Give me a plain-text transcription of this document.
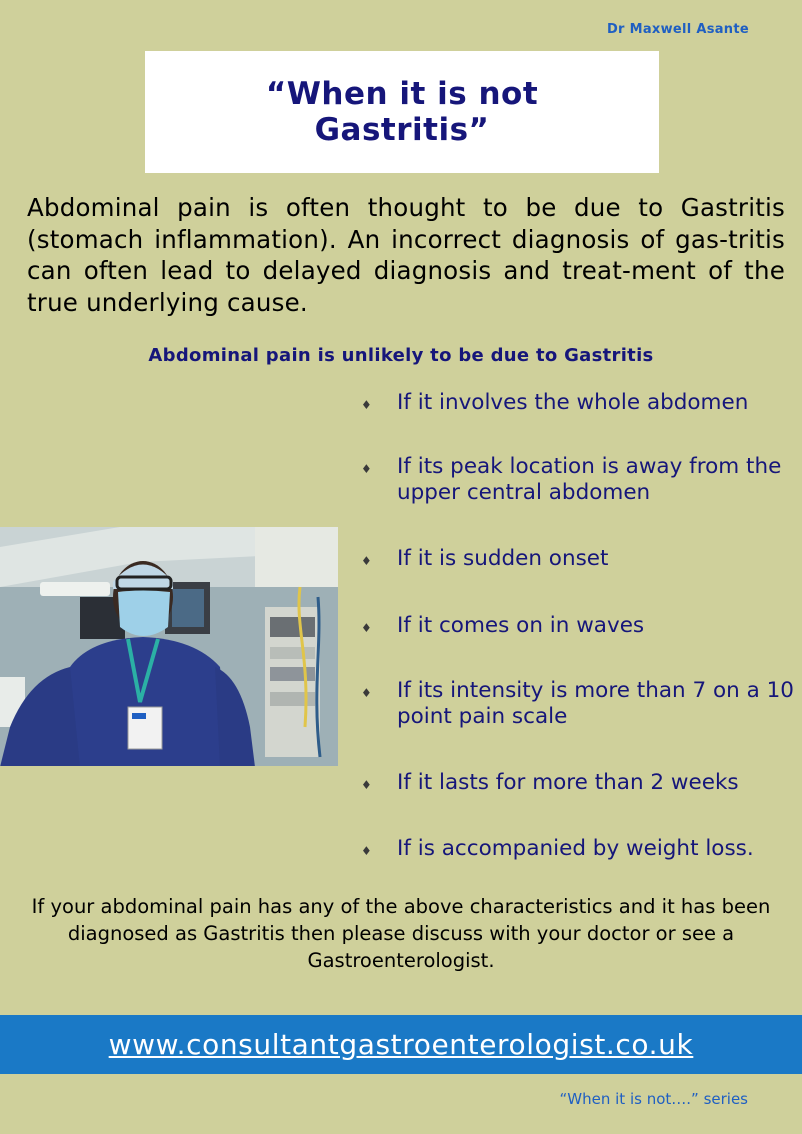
Dr Maxwell Asante
“When it is not Gastritis”

Abdominal pain is often thought to be due to Gastritis (stomach inflammation). An incorrect diagnosis of gas-tritis can often lead to delayed diagnosis and treat-ment of the true underlying cause.

Abdominal pain is unlikely to be due to Gastritis
♦ If it involves the whole abdomen
♦ If its peak location is away from the upper central abdomen
♦ If it is sudden onset
♦ If it comes on in waves
♦ If its intensity is more than 7 on a 10 point pain scale
♦ If it lasts for more than 2 weeks
♦ If is accompanied by weight loss.

If your abdominal pain has any of the above characteristics and it has been diagnosed as Gastritis then please discuss with your doctor or see a Gastroenterologist.

www.consultantgastroenterologist.co.uk
“When it is not….” series
